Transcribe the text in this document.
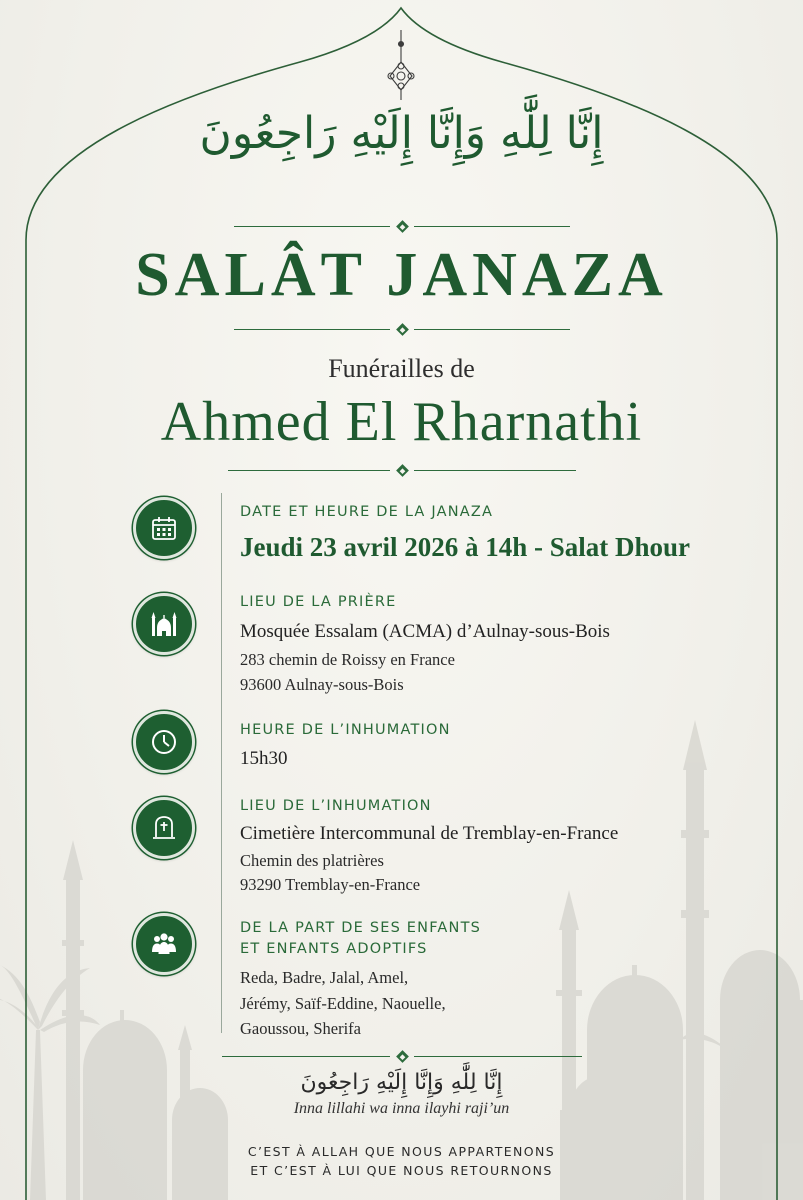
إِنَّا لِلَّٰهِ وَإِنَّا إِلَيْهِ رَاجِعُونَ
SALÂT JANAZA
Funérailles de
Ahmed El Rharnathi
DATE ET HEURE DE LA JANAZA
Jeudi 23 avril 2026 à 14h - Salat Dhour
LIEU DE LA PRIÈRE
Mosquée Essalam (ACMA) d’Aulnay-sous-Bois
283 chemin de Roissy en France
93600 Aulnay-sous-Bois
HEURE DE L’INHUMATION
15h30
LIEU DE L’INHUMATION
Cimetière Intercommunal de Tremblay-en-France
Chemin des platrières
93290 Tremblay-en-France
DE LA PART DE SES ENFANTS
ET ENFANTS ADOPTIFS
Reda, Badre, Jalal, Amel,
Jérémy, Saïf-Eddine, Naouelle,
Gaoussou, Sherifa
إِنَّا لِلَّٰهِ وَإِنَّا إِلَيْهِ رَاجِعُونَ
Inna lillahi wa inna ilayhi raji’un
C’EST À ALLAH QUE NOUS APPARTENONS
ET C’EST À LUI QUE NOUS RETOURNONS
